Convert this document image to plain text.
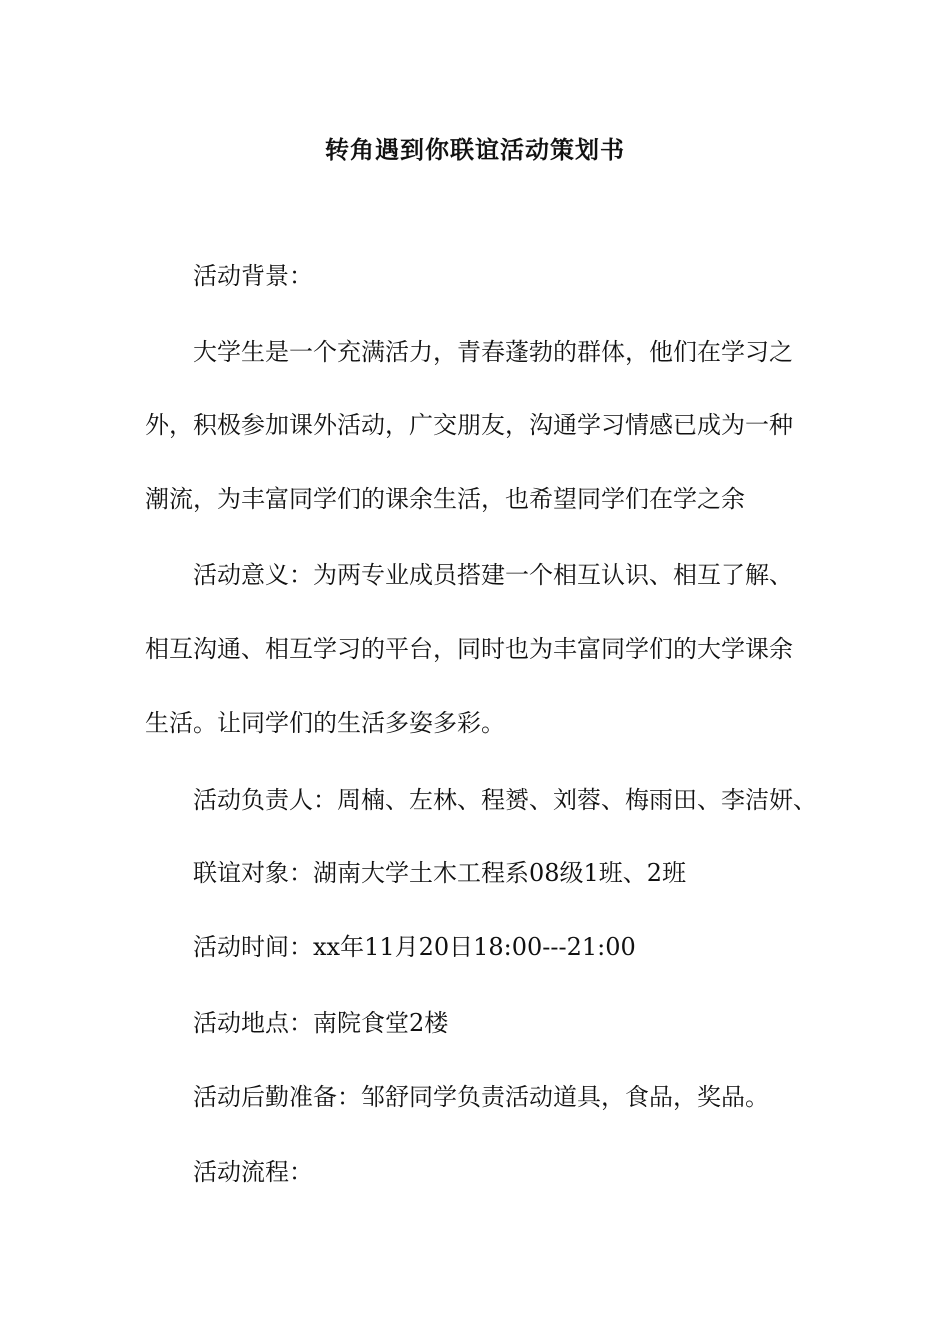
转角遇到你联谊活动策划书
活动背景：
大学生是一个充满活力，青春蓬勃的群体，他们在学习之
外，积极参加课外活动，广交朋友，沟通学习情感已成为一种
潮流，为丰富同学们的课余生活，也希望同学们在学之余
活动意义：为两专业成员搭建一个相互认识、相互了解、
相互沟通、相互学习的平台，同时也为丰富同学们的大学课余
生活。让同学们的生活多姿多彩。
活动负责人：周楠、左林、程赟、刘蓉、梅雨田、李洁妍、
联谊对象：湖南大学土木工程系08级1班、2班
活动时间：xx年11月20日18:00---21:00
活动地点：南院食堂2楼
活动后勤准备：邹舒同学负责活动道具，食品，奖品。
活动流程：
